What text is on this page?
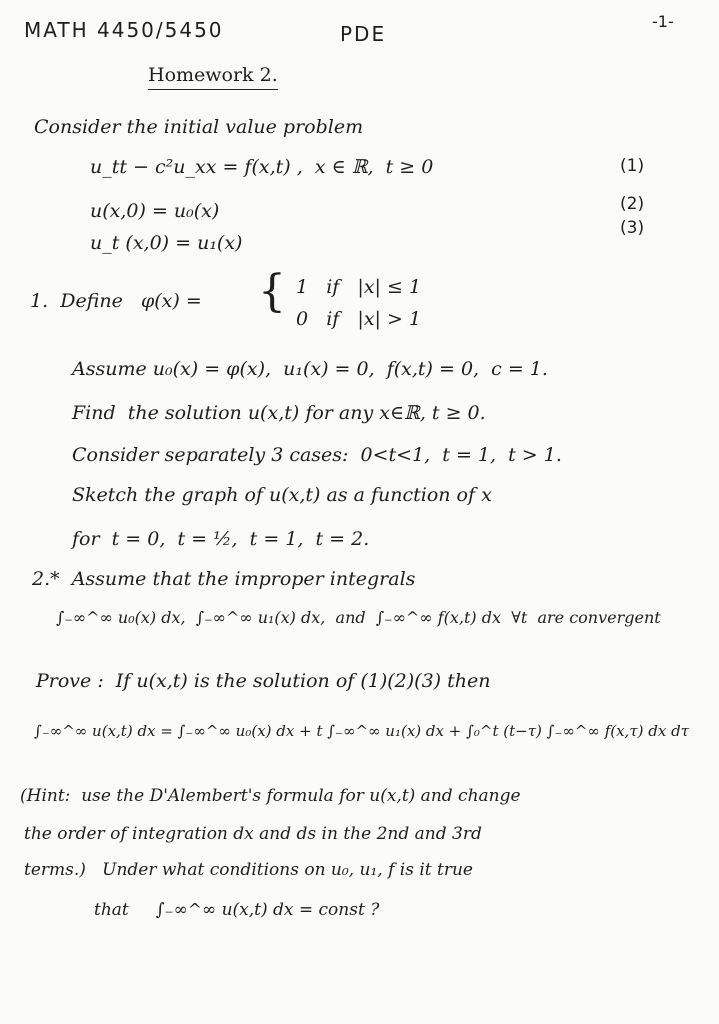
MATH 4450/5450	PDE
-1-
Homework 2.
Consider the initial value problem
u_tt − c²u_xx = f(x,t) ,  x ∈ ℝ,  t ≥ 0	(1)
u(x,0) = u₀(x)	(2)
u_t (x,0) = u₁(x)
(3)
1.  Define   φ(x) = { 1   if   |x| ≤ 1
0   if   |x| > 1
Assume u₀(x) = φ(x),  u₁(x) = 0,  f(x,t) = 0,  c = 1.
Find  the solution u(x,t) for any x∈ℝ, t ≥ 0.
Consider separately 3 cases:  0<t<1,  t = 1,  t > 1.
Sketch the graph of u(x,t) as a function of x
for  t = 0,  t = ½,  t = 1,  t = 2.
2.*  Assume that the improper integrals
∫₋∞^∞ u₀(x) dx,  ∫₋∞^∞ u₁(x) dx,  and  ∫₋∞^∞ f(x,t) dx  ∀t  are convergent
Prove :  If u(x,t) is the solution of (1)(2)(3) then
∫₋∞^∞ u(x,t) dx = ∫₋∞^∞ u₀(x) dx + t ∫₋∞^∞ u₁(x) dx + ∫₀^t (t−τ) ∫₋∞^∞ f(x,τ) dx dτ
(Hint:  use the D'Alembert's formula for u(x,t) and change
the order of integration dx and ds in the 2nd and 3rd
terms.)   Under what conditions on u₀, u₁, f is it true
that     ∫₋∞^∞ u(x,t) dx = const ?
